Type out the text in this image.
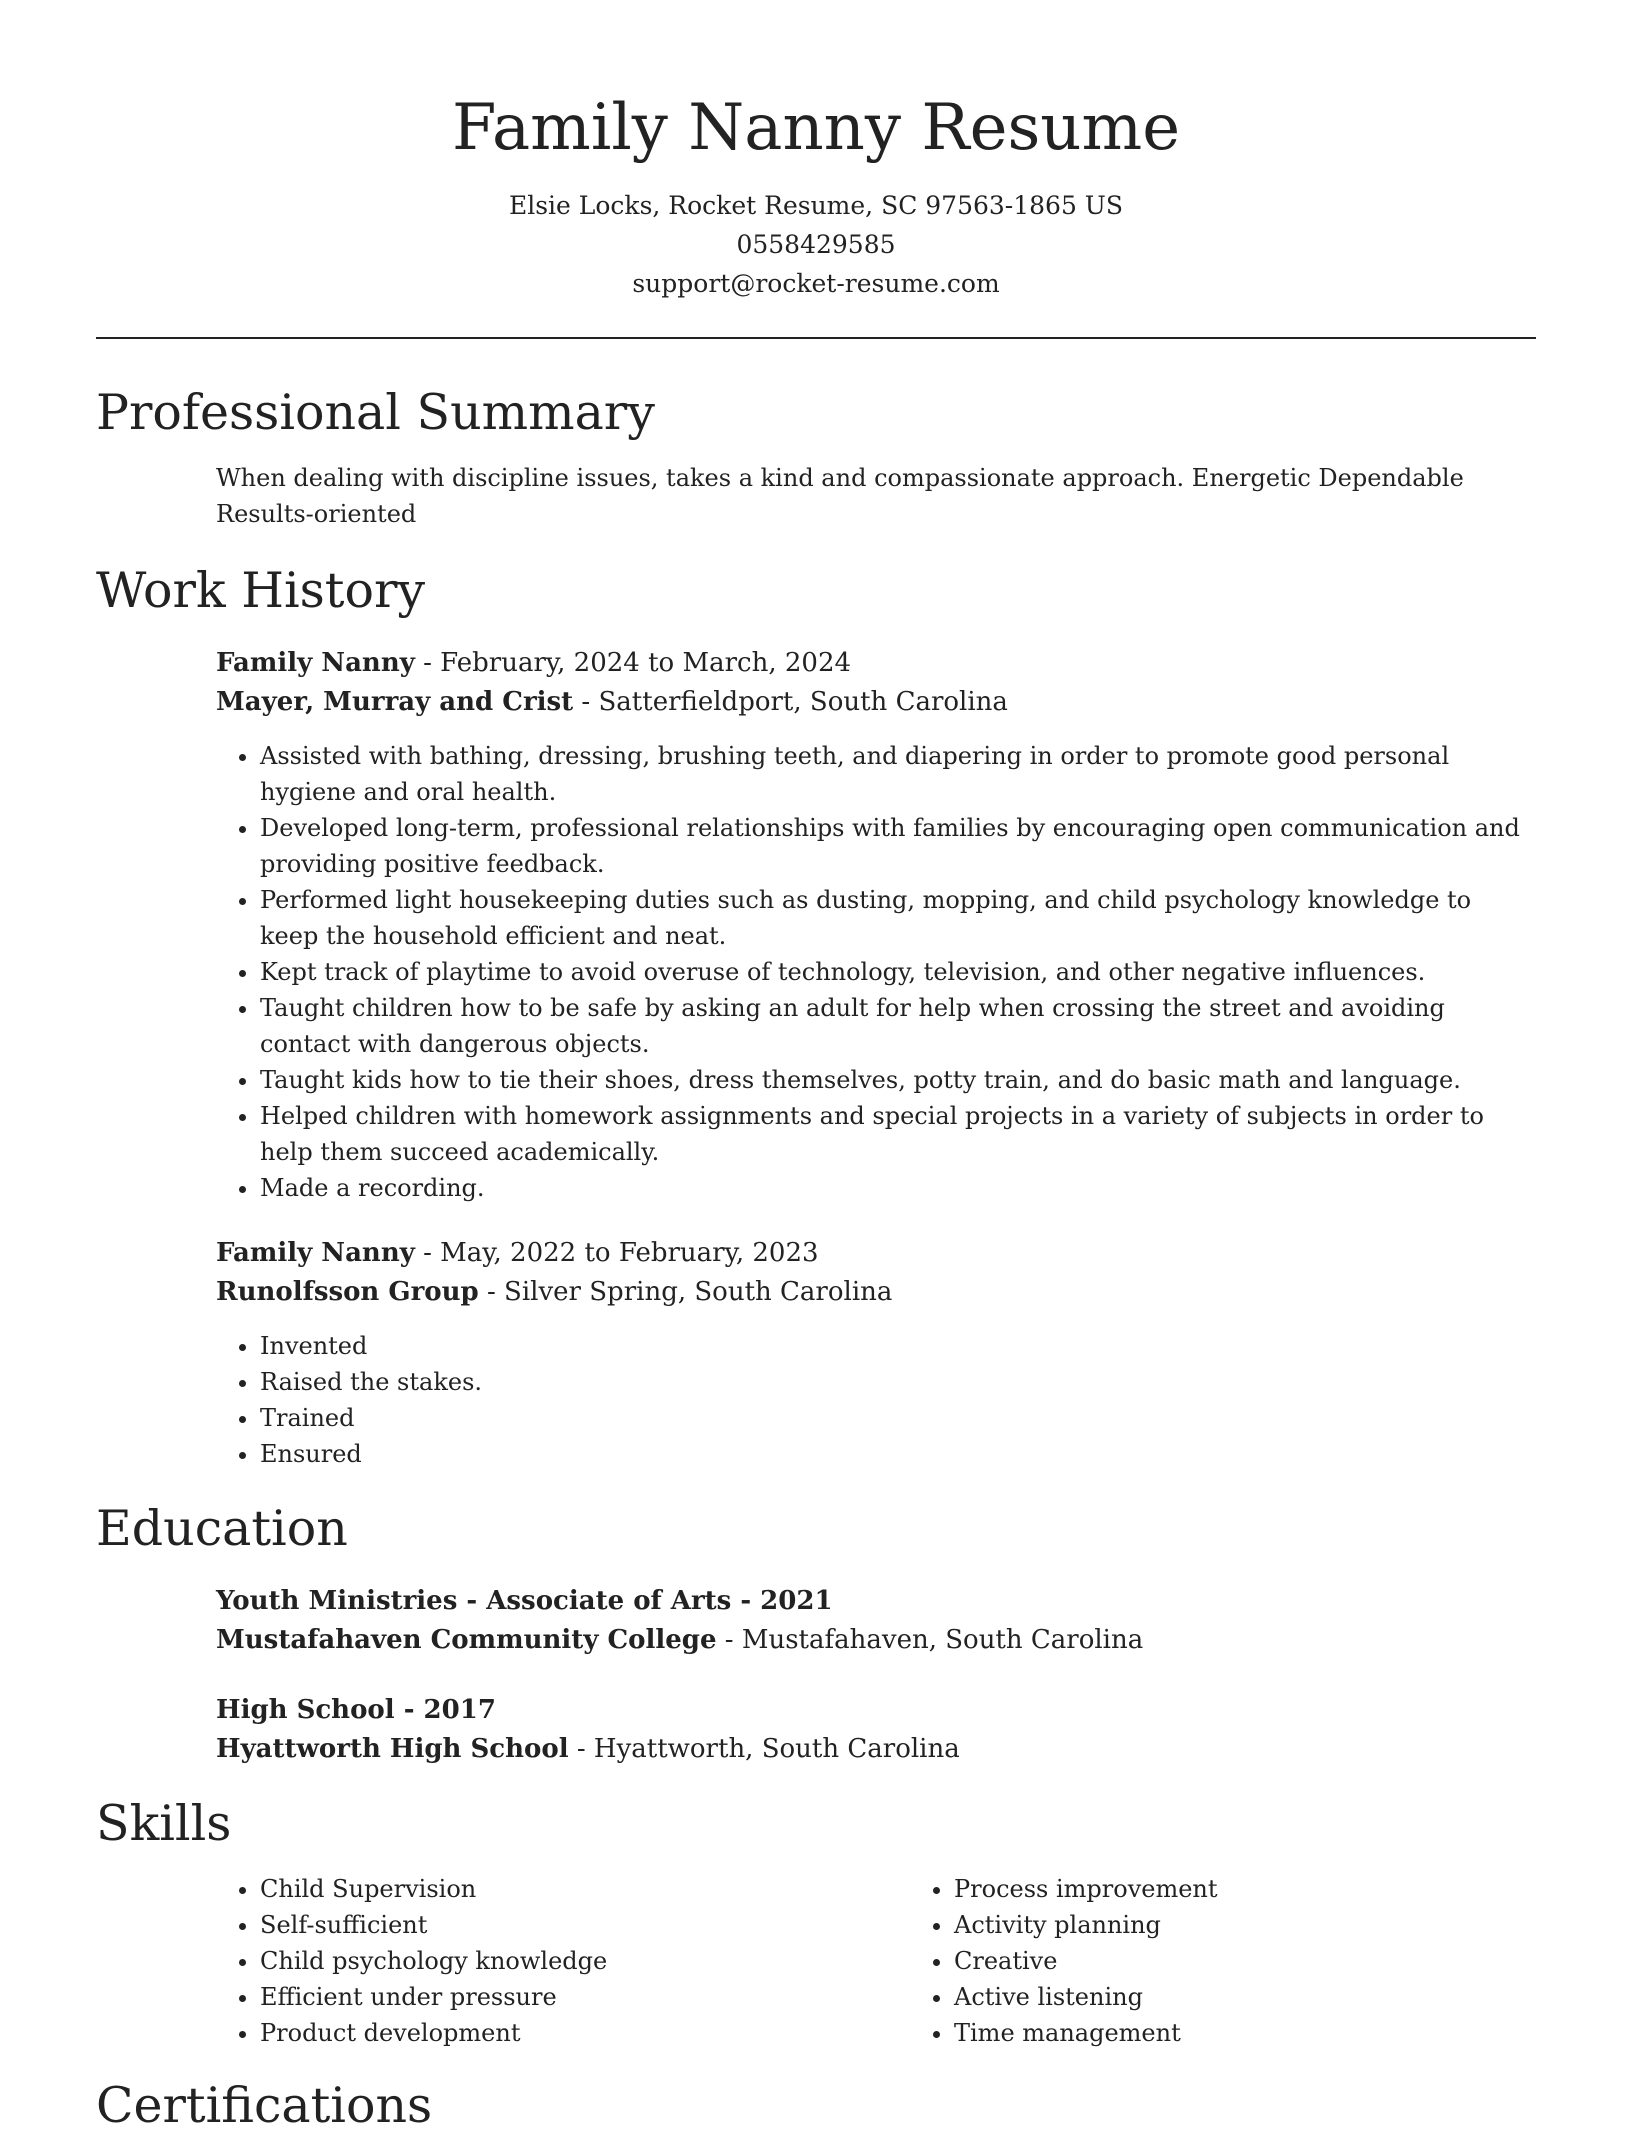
Family Nanny Resume

Elsie Locks, Rocket Resume, SC 97563-1865 US

0558429585

support@rocket-resume.com

Professional Summary

When dealing with discipline issues, takes a kind and compassionate approach. Energetic Dependable Results-oriented

Work History

Family Nanny - February, 2024 to March, 2024

Mayer, Murray and Crist - Satterfieldport, South Carolina

• Assisted with bathing, dressing, brushing teeth, and diapering in order to promote good personal hygiene and oral health.
• Developed long-term, professional relationships with families by encouraging open communication and providing positive feedback.
• Performed light housekeeping duties such as dusting, mopping, and child psychology knowledge to keep the household efficient and neat.
• Kept track of playtime to avoid overuse of technology, television, and other negative influences.
• Taught children how to be safe by asking an adult for help when crossing the street and avoiding contact with dangerous objects.
• Taught kids how to tie their shoes, dress themselves, potty train, and do basic math and language.
• Helped children with homework assignments and special projects in a variety of subjects in order to help them succeed academically.
• Made a recording.

Family Nanny - May, 2022 to February, 2023

Runolfsson Group - Silver Spring, South Carolina

• Invented
• Raised the stakes.
• Trained
• Ensured
Education

Youth Ministries - Associate of Arts - 2021

Mustafahaven Community College - Mustafahaven, South Carolina

High School - 2017

Hyattworth High School - Hyattworth, South Carolina

Skills
• Child Supervision
• Self-sufficient
• Child psychology knowledge
• Efficient under pressure
• Product development
• Process improvement
• Activity planning
• Creative
• Active listening
• Time management
Certifications
